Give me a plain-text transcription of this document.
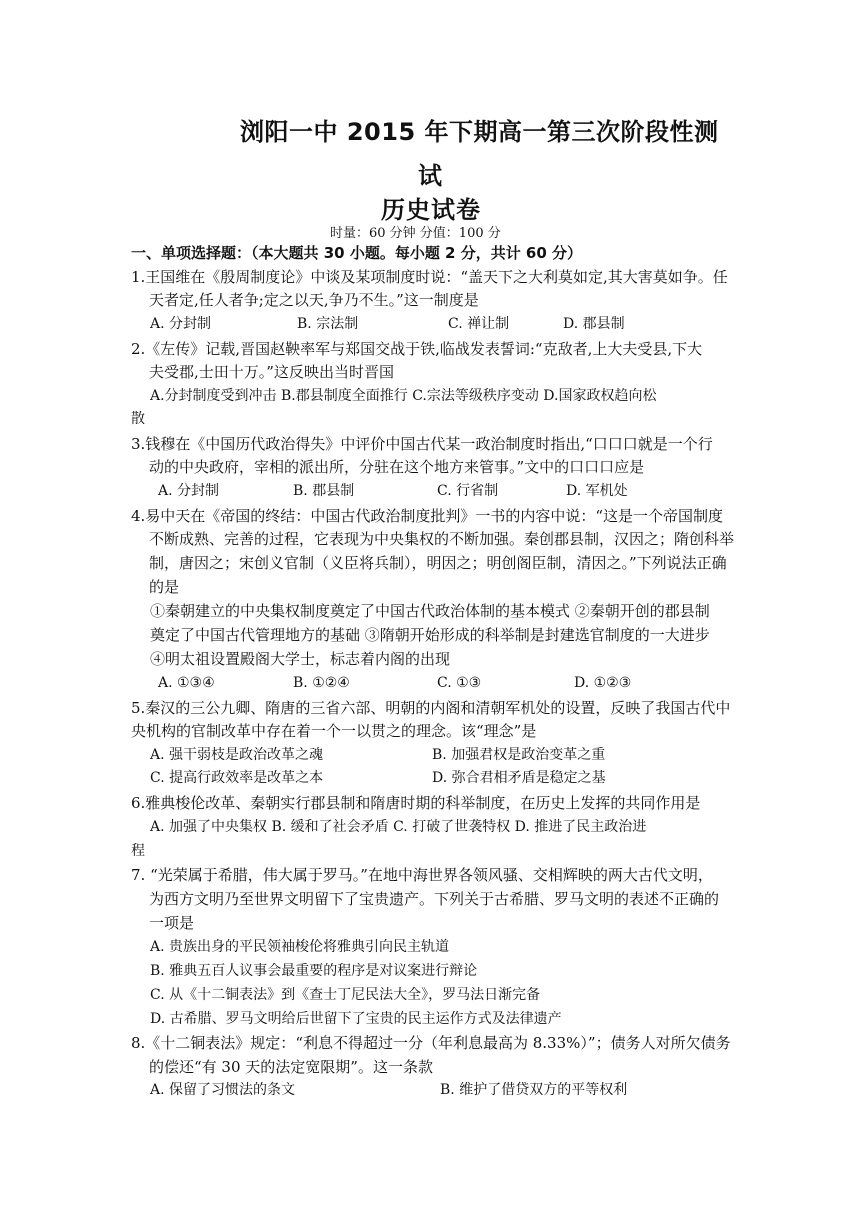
浏阳一中 2015 年下期高一第三次阶段性测
试
历史试卷
时量：60 分钟 分值：100 分
一、单项选择题：（本大题共 30 小题。每小题 2 分，共计 60 分）
1.王国维在《殷周制度论》中谈及某项制度时说：“盖天下之大利莫如定,其大害莫如争。任
天者定,任人者争;定之以天,争乃不生。”这一制度是
A. 分封制	B. 宗法制	C. 禅让制	D. 郡县制
2.《左传》记载,晋国赵鞅率军与郑国交战于铁,临战发表誓词:“克敌者,上大夫受县,下大
夫受郡,士田十万。”这反映出当时晋国
A.分封制度受到冲击 B.郡县制度全面推行 C.宗法等级秩序变动 D.国家政权趋向松
散
3.钱穆在《中国历代政治得失》中评价中国古代某一政治制度时指出,“口口口就是一个行
动的中央政府，宰相的派出所，分驻在这个地方来管事。”文中的口口口应是
A. 分封制	B. 郡县制	C. 行省制	D. 军机处
4.易中天在《帝国的终结：中国古代政治制度批判》一书的内容中说：“这是一个帝国制度
不断成熟、完善的过程，它表现为中央集权的不断加强。秦创郡县制，汉因之；隋创科举
制，唐因之；宋创义官制（义臣将兵制），明因之；明创阁臣制，清因之。”下列说法正确
的是
①秦朝建立的中央集权制度奠定了中国古代政治体制的基本模式 ②秦朝开创的郡县制
奠定了中国古代管理地方的基础 ③隋朝开始形成的科举制是封建选官制度的一大进步
④明太祖设置殿阁大学士，标志着内阁的出现
A. ①③④	B. ①②④	C. ①③	D. ①②③
5.秦汉的三公九卿、隋唐的三省六部、明朝的内阁和清朝军机处的设置，反映了我国古代中
央机构的官制改革中存在着一个一以贯之的理念。该“理念”是
A. 强干弱枝是政治改革之魂	B. 加强君权是政治变革之重
C. 提高行政效率是改革之本	D. 弥合君相矛盾是稳定之基
6.雅典梭伦改革、秦朝实行郡县制和隋唐时期的科举制度，在历史上发挥的共同作用是
A. 加强了中央集权 B. 缓和了社会矛盾 C. 打破了世袭特权 D. 推进了民主政治进
程
7. “光荣属于希腊，伟大属于罗马。”在地中海世界各领风骚、交相辉映的两大古代文明，
为西方文明乃至世界文明留下了宝贵遗产。下列关于古希腊、罗马文明的表述不正确的
一项是
A. 贵族出身的平民领袖梭伦将雅典引向民主轨道
B. 雅典五百人议事会最重要的程序是对议案进行辩论
C. 从《十二铜表法》到《查士丁尼民法大全》，罗马法日渐完备
D. 古希腊、罗马文明给后世留下了宝贵的民主运作方式及法律遗产
8.《十二铜表法》规定：“利息不得超过一分（年利息最高为 8.33%）”；债务人对所欠债务
的偿还“有 30 天的法定宽限期”。这一条款
A. 保留了习惯法的条文	B. 维护了借贷双方的平等权利
